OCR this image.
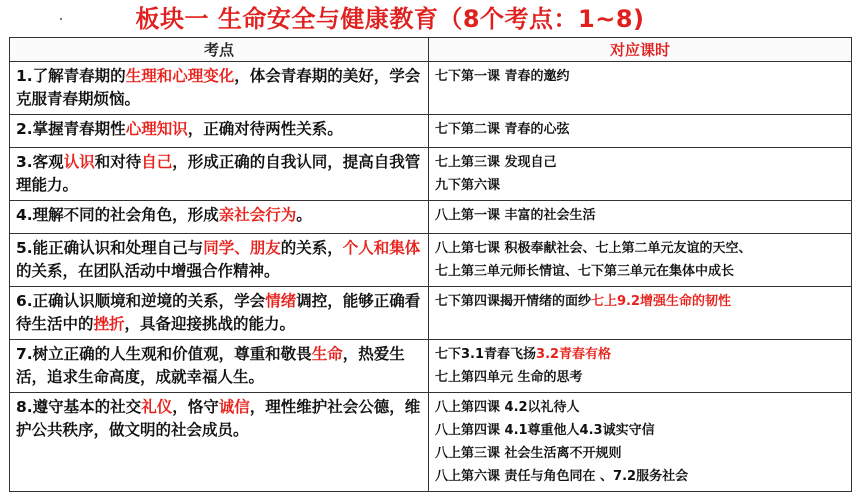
板块一 生命安全与健康教育（8个考点：1~8)
考点	对应课时
1.了解青春期的生理和心理变化，体会青春期的美好，学会克服青春期烦恼。	七下第一课 青春的邀约

2.掌握青春期性心理知识，正确对待两性关系。	七下第二课 青春的心弦

3.客观认识和对待自己，形成正确的自我认同，提高自我管理能力。	七上第三课 发现自己
九下第六课

4.理解不同的社会角色，形成亲社会行为。	八上第一课 丰富的社会生活

5.能正确认识和处理自己与同学、朋友的关系，个人和集体的关系，在团队活动中增强合作精神。	八上第七课 积极奉献社会、七上第二单元友谊的天空、
七上第三单元师长情谊、七下第三单元在集体中成长

6.正确认识顺境和逆境的关系，学会情绪调控，能够正确看待生活中的挫折，具备迎接挑战的能力。	七下第四课揭开情绪的面纱七上9.2增强生命的韧性

7.树立正确的人生观和价值观，尊重和敬畏生命，热爱生活，追求生命高度，成就幸福人生。	七下3.1青春飞扬3.2青春有格
七上第四单元 生命的思考

8.遵守基本的社交礼仪，恪守诚信，理性维护社会公德，维护公共秩序，做文明的社会成员。	八上第四课 4.2以礼待人
八上第四课 4.1尊重他人4.3诚实守信
八上第三课 社会生活离不开规则
八上第六课 责任与角色同在 、7.2服务社会
